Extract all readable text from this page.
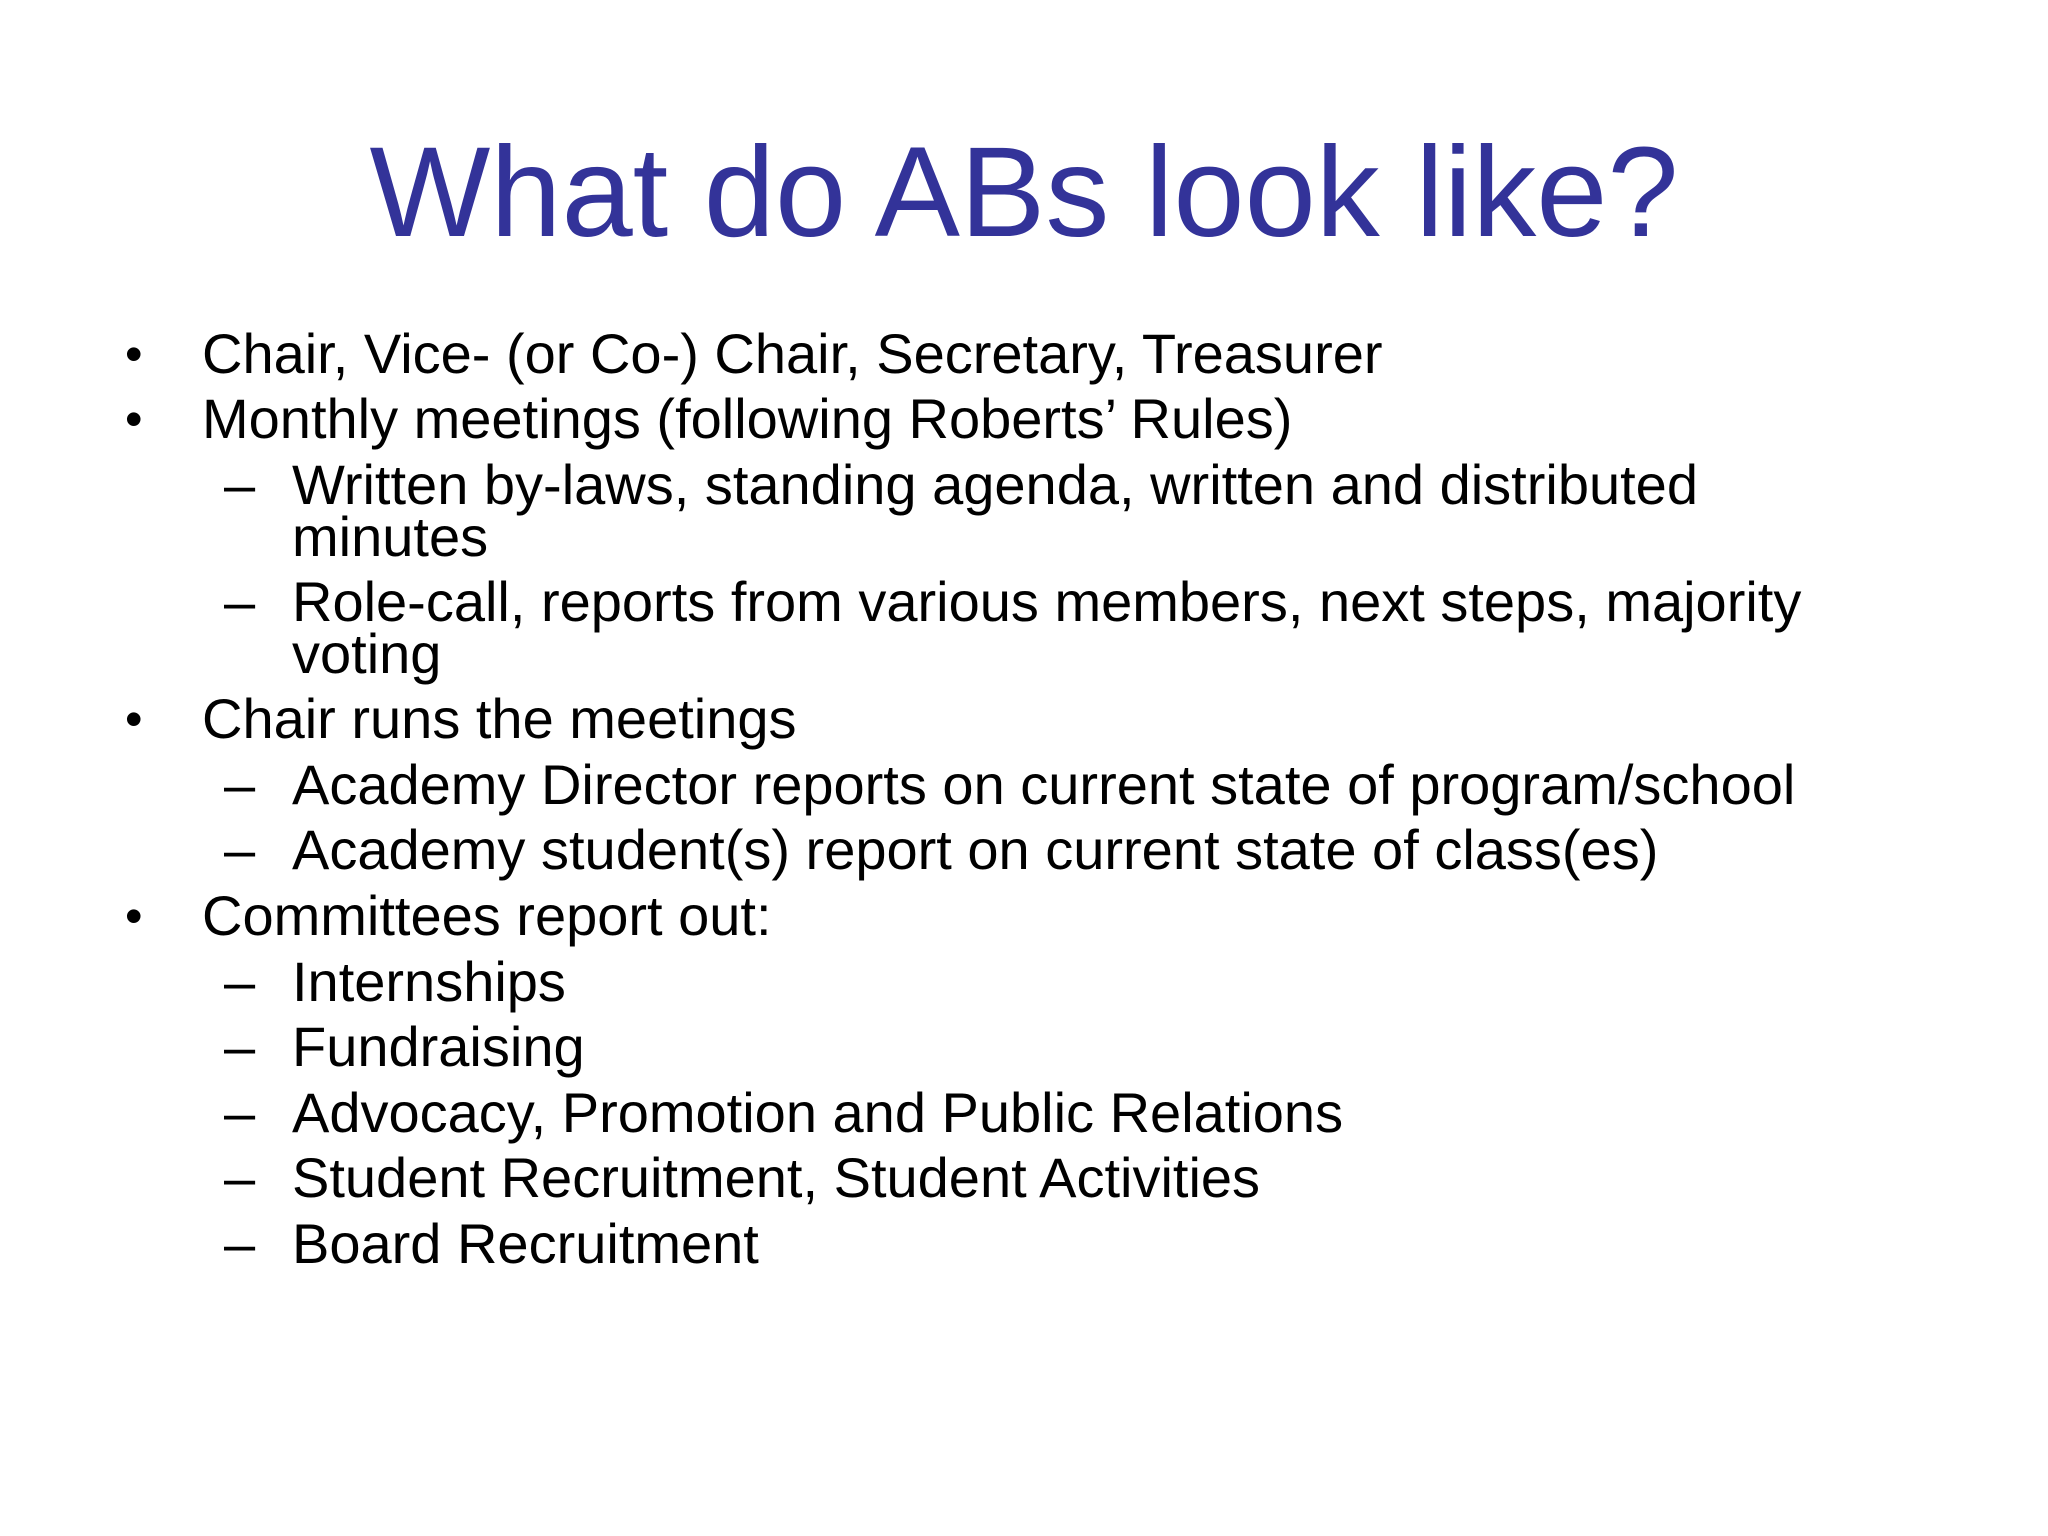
What do ABs look like?
• Chair, Vice- (or Co-) Chair, Secretary, Treasurer
• Monthly meetings (following Roberts’ Rules)
– Written by-laws, standing agenda, written and distributed
minutes
– Role-call, reports from various members, next steps, majority
voting
• Chair runs the meetings
– Academy Director reports on current state of program/school
– Academy student(s) report on current state of class(es)
• Committees report out:
– Internships
– Fundraising
– Advocacy, Promotion and Public Relations
– Student Recruitment, Student Activities
– Board Recruitment
